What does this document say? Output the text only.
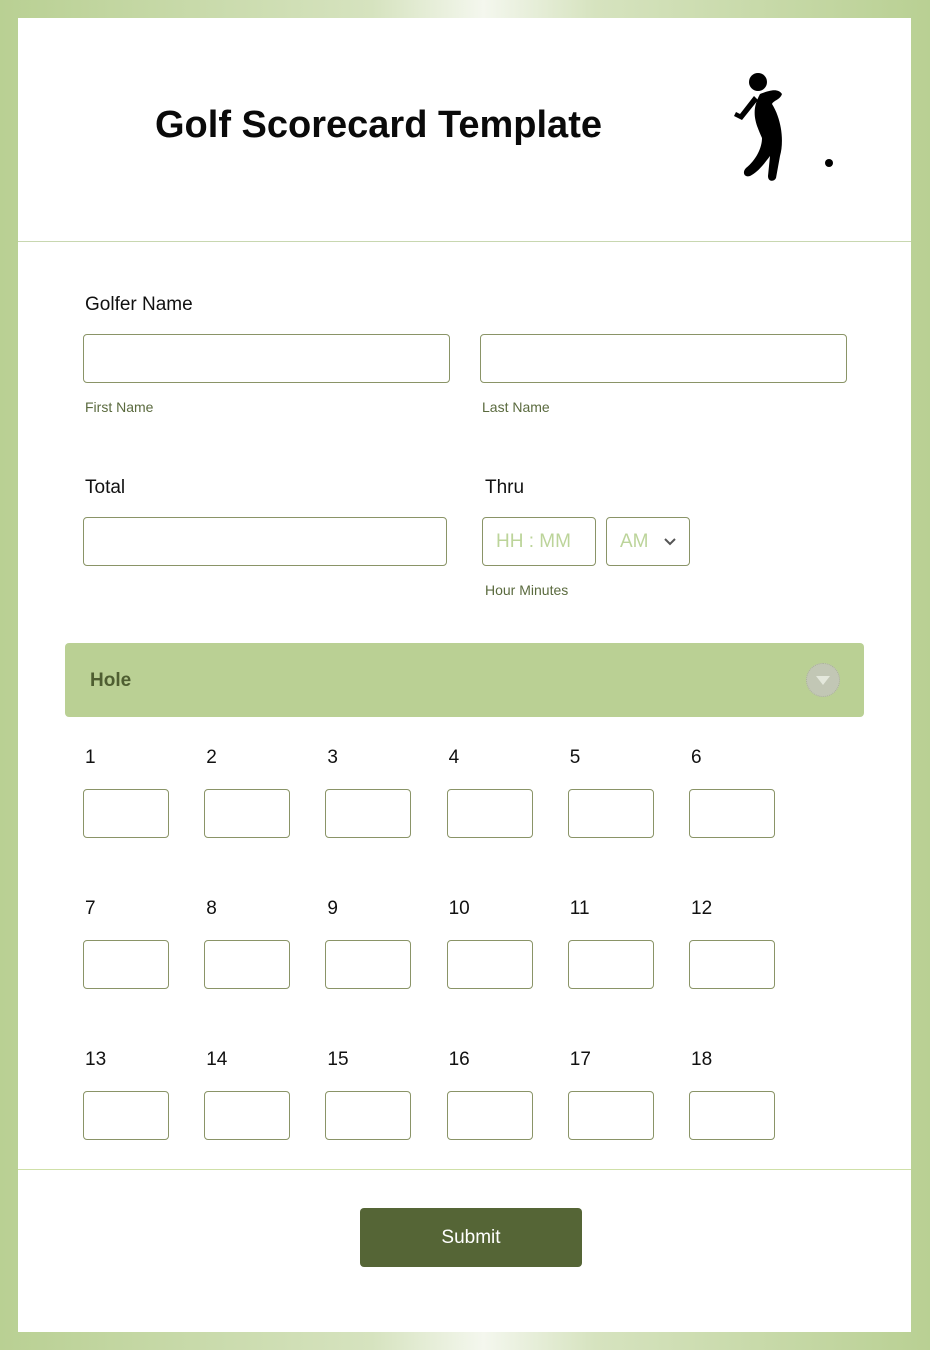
Golf Scorecard Template
Golfer Name
First Name	Last Name
Total	Thru
HH : MM	AM
Hour Minutes
Hole
1	2	3	4	5	6
7	8	9	10	11	12
13	14	15	16	17	18
Submit
